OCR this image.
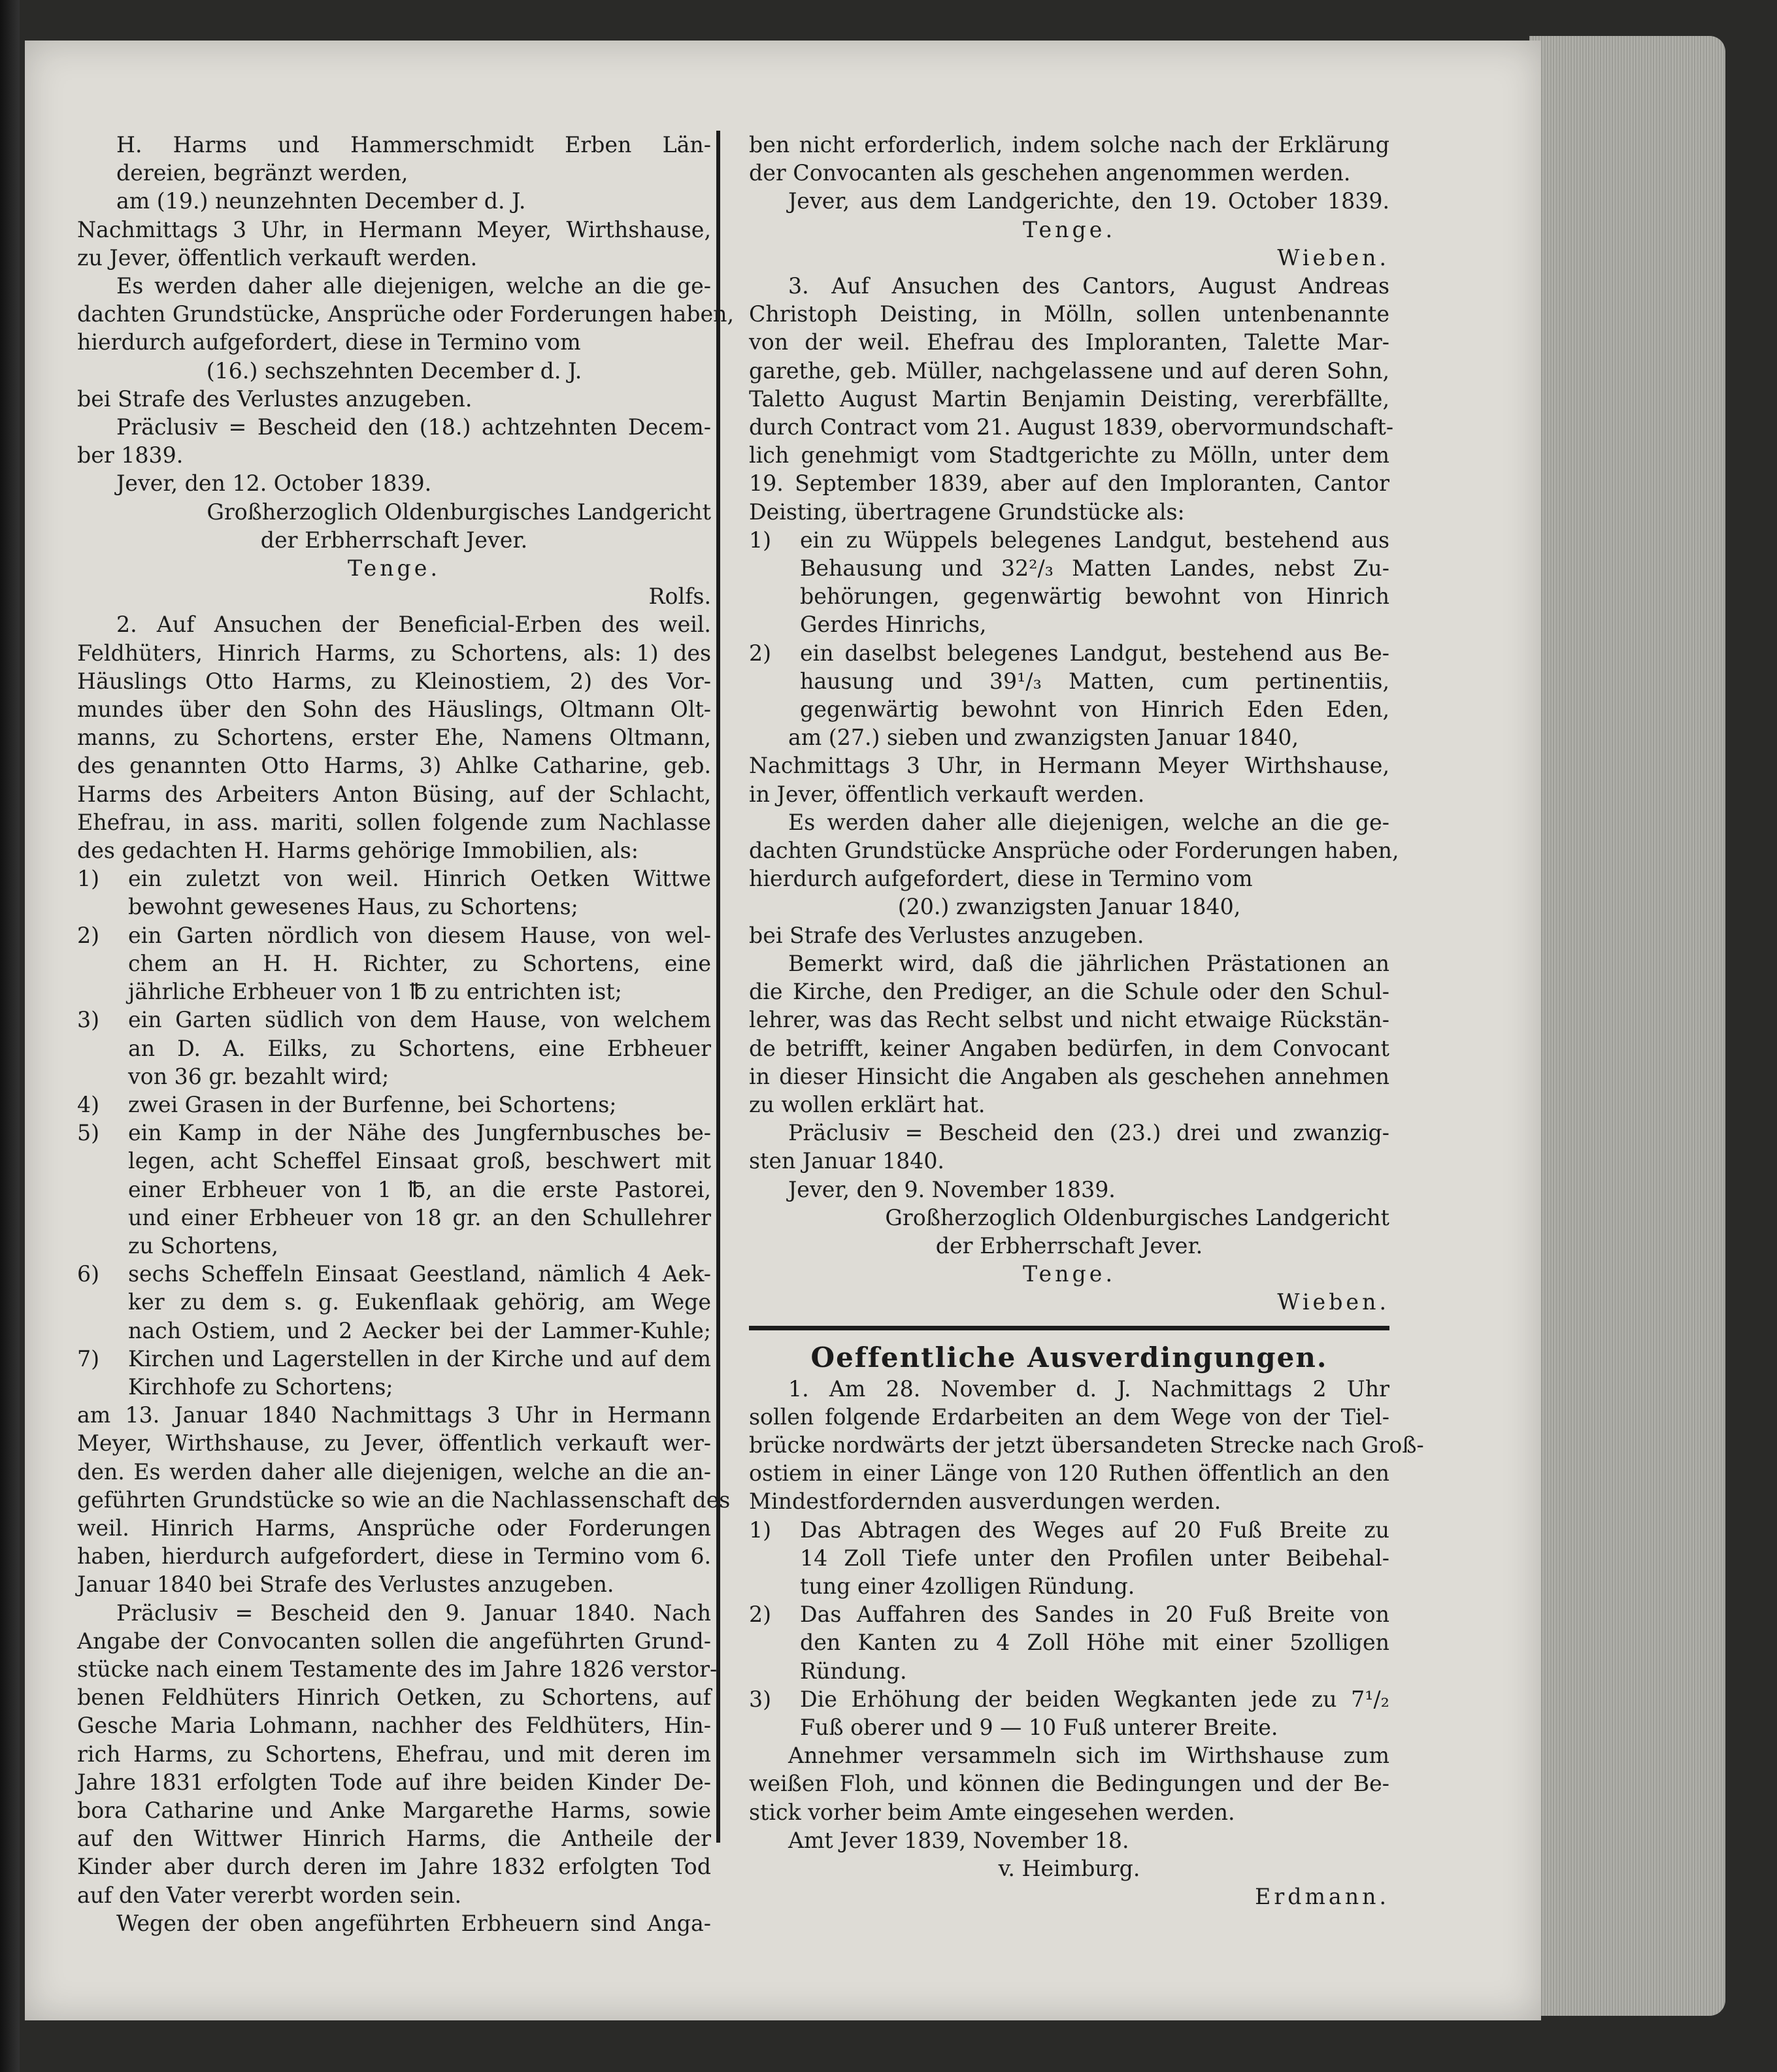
H. Harms und Hammerschmidt Erben Län-
dereien, begränzt werden,
am (19.) neunzehnten December d. J.
Nachmittags 3 Uhr, in Hermann Meyer, Wirthshause,
zu Jever, öffentlich verkauft werden.
Es werden daher alle diejenigen, welche an die ge-
dachten Grundstücke, Ansprüche oder Forderungen haben,
hierdurch aufgefordert, diese in Termino vom
(16.) sechszehnten December d. J.
bei Strafe des Verlustes anzugeben.
Präclusiv = Bescheid den (18.) achtzehnten Decem-
ber 1839.
Jever, den 12. October 1839.
Großherzoglich Oldenburgisches Landgericht
der Erbherrschaft Jever.
Tenge.
Rolfs.
2. Auf Ansuchen der Beneficial-Erben des weil.
Feldhüters, Hinrich Harms, zu Schortens, als: 1) des
Häuslings Otto Harms, zu Kleinostiem, 2) des Vor-
mundes über den Sohn des Häuslings, Oltmann Olt-
manns, zu Schortens, erster Ehe, Namens Oltmann,
des genannten Otto Harms, 3) Ahlke Catharine, geb.
Harms des Arbeiters Anton Büsing, auf der Schlacht,
Ehefrau, in ass. mariti, sollen folgende zum Nachlasse
des gedachten H. Harms gehörige Immobilien, als:
1) ein zuletzt von weil. Hinrich Oetken Wittwe
bewohnt gewesenes Haus, zu Schortens;
2) ein Garten nördlich von diesem Hause, von wel-
chem an H. H. Richter, zu Schortens, eine
jährliche Erbheuer von 1 ℔ zu entrichten ist;
3) ein Garten südlich von dem Hause, von welchem
an D. A. Eilks, zu Schortens, eine Erbheuer
von 36 gr. bezahlt wird;
4) zwei Grasen in der Burfenne, bei Schortens;
5) ein Kamp in der Nähe des Jungfernbusches be-
legen, acht Scheffel Einsaat groß, beschwert mit
einer Erbheuer von 1 ℔, an die erste Pastorei,
und einer Erbheuer von 18 gr. an den Schullehrer
zu Schortens,
6) sechs Scheffeln Einsaat Geestland, nämlich 4 Aek-
ker zu dem s. g. Eukenflaak gehörig, am Wege
nach Ostiem, und 2 Aecker bei der Lammer-Kuhle;
7) Kirchen und Lagerstellen in der Kirche und auf dem
Kirchhofe zu Schortens;
am 13. Januar 1840 Nachmittags 3 Uhr in Hermann
Meyer, Wirthshause, zu Jever, öffentlich verkauft wer-
den. Es werden daher alle diejenigen, welche an die an-
geführten Grundstücke so wie an die Nachlassenschaft des
weil. Hinrich Harms, Ansprüche oder Forderungen
haben, hierdurch aufgefordert, diese in Termino vom 6.
Januar 1840 bei Strafe des Verlustes anzugeben.
Präclusiv = Bescheid den 9. Januar 1840. Nach
Angabe der Convocanten sollen die angeführten Grund-
stücke nach einem Testamente des im Jahre 1826 verstor-
benen Feldhüters Hinrich Oetken, zu Schortens, auf
Gesche Maria Lohmann, nachher des Feldhüters, Hin-
rich Harms, zu Schortens, Ehefrau, und mit deren im
Jahre 1831 erfolgten Tode auf ihre beiden Kinder De-
bora Catharine und Anke Margarethe Harms, sowie
auf den Wittwer Hinrich Harms, die Antheile der
Kinder aber durch deren im Jahre 1832 erfolgten Tod
auf den Vater vererbt worden sein.
Wegen der oben angeführten Erbheuern sind Anga-
ben nicht erforderlich, indem solche nach der Erklärung
der Convocanten als geschehen angenommen werden.
Jever, aus dem Landgerichte, den 19. October 1839.
Tenge.
Wieben.
3. Auf Ansuchen des Cantors, August Andreas
Christoph Deisting, in Mölln, sollen untenbenannte
von der weil. Ehefrau des Imploranten, Talette Mar-
garethe, geb. Müller, nachgelassene und auf deren Sohn,
Taletto August Martin Benjamin Deisting, vererbfällte,
durch Contract vom 21. August 1839, obervormundschaft-
lich genehmigt vom Stadtgerichte zu Mölln, unter dem
19. September 1839, aber auf den Imploranten, Cantor
Deisting, übertragene Grundstücke als:
1) ein zu Wüppels belegenes Landgut, bestehend aus
Behausung und 32²/₃ Matten Landes, nebst Zu-
behörungen, gegenwärtig bewohnt von Hinrich
Gerdes Hinrichs,
2) ein daselbst belegenes Landgut, bestehend aus Be-
hausung und 39¹/₃ Matten, cum pertinentiis,
gegenwärtig bewohnt von Hinrich Eden Eden,
am (27.) sieben und zwanzigsten Januar 1840,
Nachmittags 3 Uhr, in Hermann Meyer Wirthshause,
in Jever, öffentlich verkauft werden.
Es werden daher alle diejenigen, welche an die ge-
dachten Grundstücke Ansprüche oder Forderungen haben,
hierdurch aufgefordert, diese in Termino vom
(20.) zwanzigsten Januar 1840,
bei Strafe des Verlustes anzugeben.
Bemerkt wird, daß die jährlichen Prästationen an
die Kirche, den Prediger, an die Schule oder den Schul-
lehrer, was das Recht selbst und nicht etwaige Rückstän-
de betrifft, keiner Angaben bedürfen, in dem Convocant
in dieser Hinsicht die Angaben als geschehen annehmen
zu wollen erklärt hat.
Präclusiv = Bescheid den (23.) drei und zwanzig-
sten Januar 1840.
Jever, den 9. November 1839.
Großherzoglich Oldenburgisches Landgericht
der Erbherrschaft Jever.
Tenge.
Wieben.
Oeffentliche Ausverdingungen.
1. Am 28. November d. J. Nachmittags 2 Uhr
sollen folgende Erdarbeiten an dem Wege von der Tiel-
brücke nordwärts der jetzt übersandeten Strecke nach Groß-
ostiem in einer Länge von 120 Ruthen öffentlich an den
Mindestfordernden ausverdungen werden.
1) Das Abtragen des Weges auf 20 Fuß Breite zu
14 Zoll Tiefe unter den Profilen unter Beibehal-
tung einer 4zolligen Ründung.
2) Das Auffahren des Sandes in 20 Fuß Breite von
den Kanten zu 4 Zoll Höhe mit einer 5zolligen
Ründung.
3) Die Erhöhung der beiden Wegkanten jede zu 7¹/₂
Fuß oberer und 9 — 10 Fuß unterer Breite.
Annehmer versammeln sich im Wirthshause zum
weißen Floh, und können die Bedingungen und der Be-
stick vorher beim Amte eingesehen werden.
Amt Jever 1839, November 18.
v. Heimburg.
Erdmann.
